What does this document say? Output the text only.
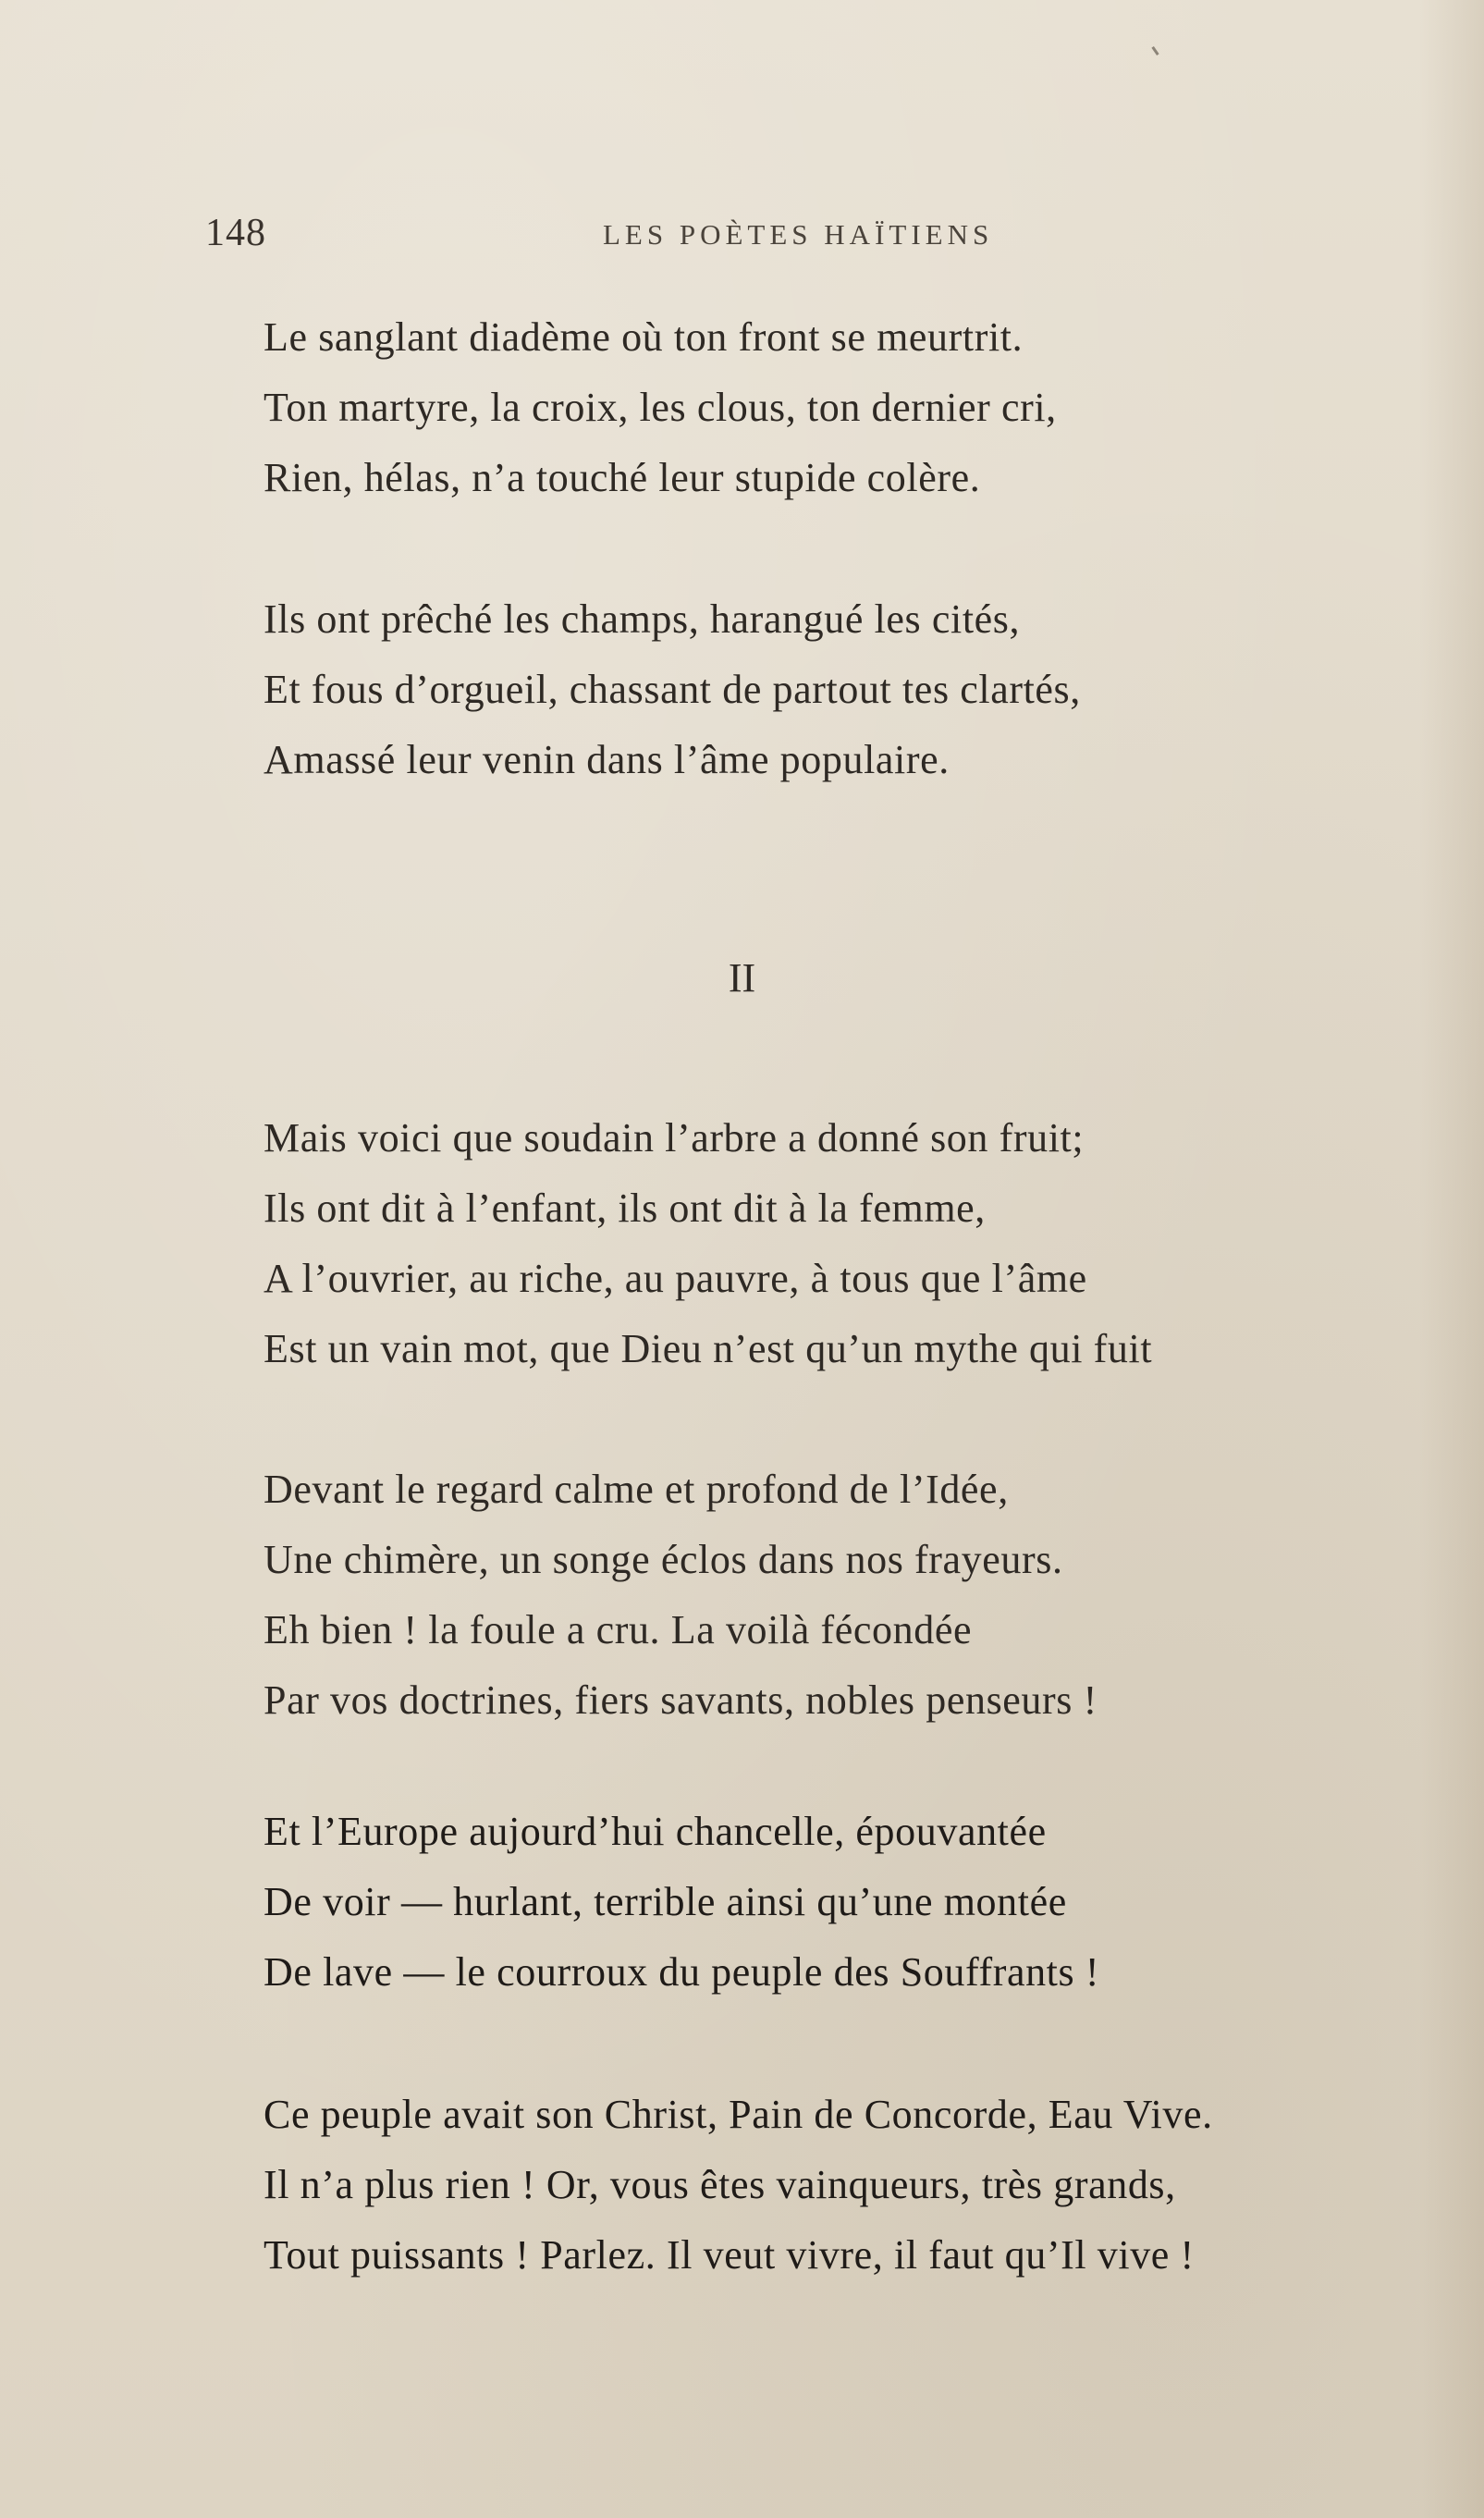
148	LES POÈTES HAÏTIENS
Le sanglant diadème où ton front se meurtrit.
Ton martyre, la croix, les clous, ton dernier cri,
Rien, hélas, n’a touché leur stupide colère.
Ils ont prêché les champs, harangué les cités,
Et fous d’orgueil, chassant de partout tes clartés,
Amassé leur venin dans l’âme populaire.
II
Mais voici que soudain l’arbre a donné son fruit;
Ils ont dit à l’enfant, ils ont dit à la femme,
A l’ouvrier, au riche, au pauvre, à tous que l’âme
Est un vain mot, que Dieu n’est qu’un mythe qui fuit
Devant le regard calme et profond de l’Idée,
Une chimère, un songe éclos dans nos frayeurs.
Eh bien ! la foule a cru. La voilà fécondée
Par vos doctrines, fiers savants, nobles penseurs !
Et l’Europe aujourd’hui chancelle, épouvantée
De voir — hurlant, terrible ainsi qu’une montée
De lave — le courroux du peuple des Souffrants !
Ce peuple avait son Christ, Pain de Concorde, Eau Vive.
Il n’a plus rien ! Or, vous êtes vainqueurs, très grands,
Tout puissants ! Parlez. Il veut vivre, il faut qu’Il vive !
